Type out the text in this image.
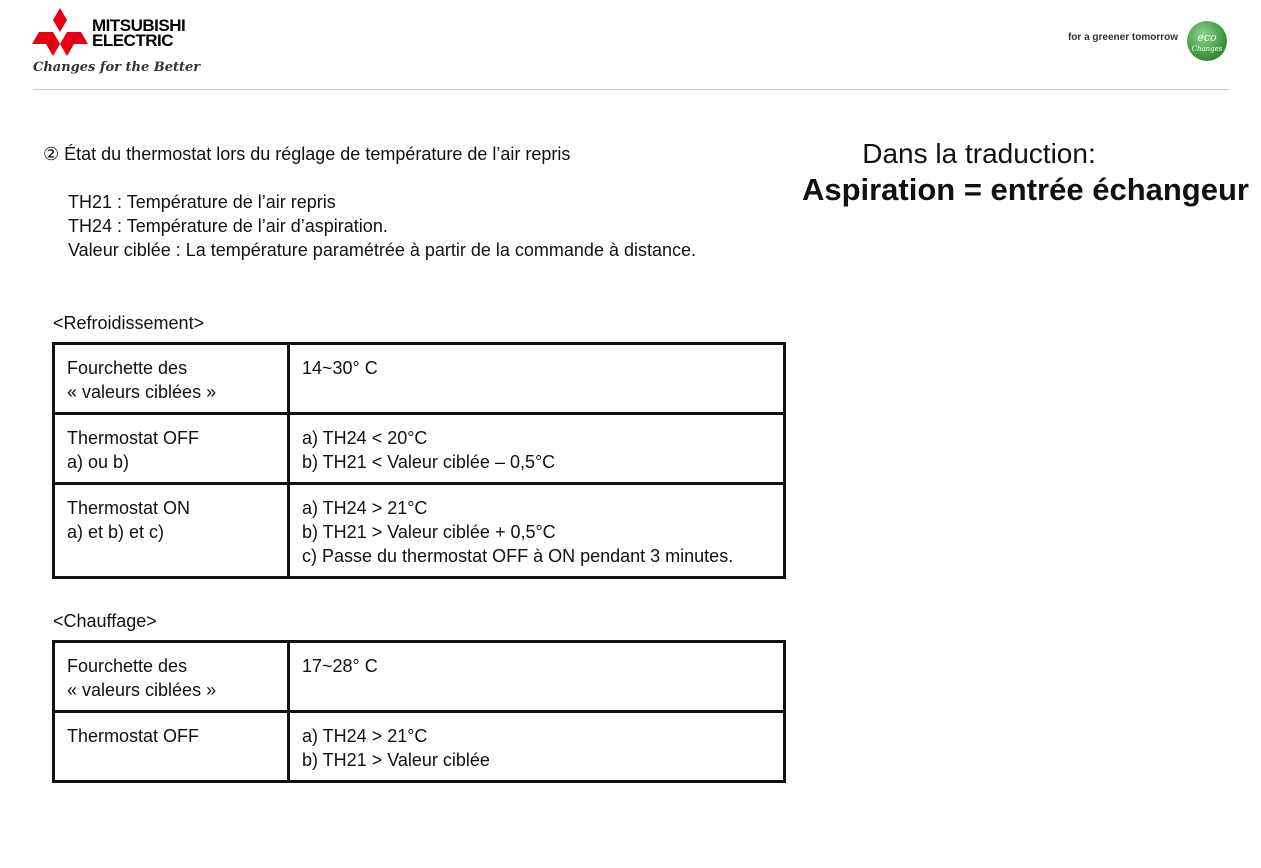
MITSUBISHI
ELECTRIC
Changes for the Better
for a greener tomorrow eco
Changes
Dans la traduction:
Aspiration = entrée échangeur
② État du thermostat lors du réglage de température de l’air repris
TH21 : Température de l’air repris
TH24 : Température de l’air d’aspiration.
Valeur ciblée : La température paramétrée à partir de la commande à distance.
<Refroidissement>
Fourchette des
« valeurs ciblées »	14~30° C

Thermostat OFF
a) ou b)	a) TH24 < 20°C
b) TH21 < Valeur ciblée – 0,5°C

Thermostat ON
a) et b) et c)	a) TH24 > 21°C
b) TH21 > Valeur ciblée + 0,5°C
c) Passe du thermostat OFF à ON pendant 3 minutes.
<Chauffage>
Fourchette des
« valeurs ciblées »	17~28° C

Thermostat OFF	a) TH24 > 21°C
b) TH21 > Valeur ciblée
